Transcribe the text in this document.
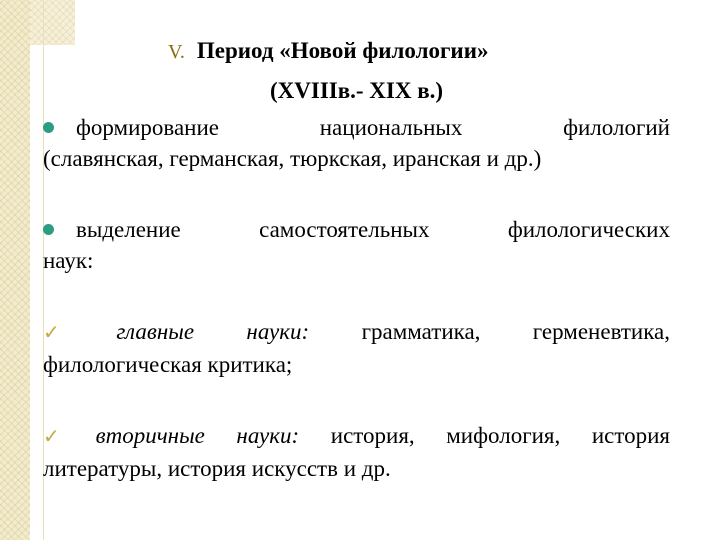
V. Период «Новой филологии»
(XVIIIв.- XIX в.)
формирование национальных филологий
(славянская, германская, тюркская, иранская и др.)
выделение самостоятельных филологических
наук:
✓ главные науки: грамматика, герменевтика,
филологическая критика;
✓ вторичные науки: история, мифология, история
литературы, история искусств и др.
